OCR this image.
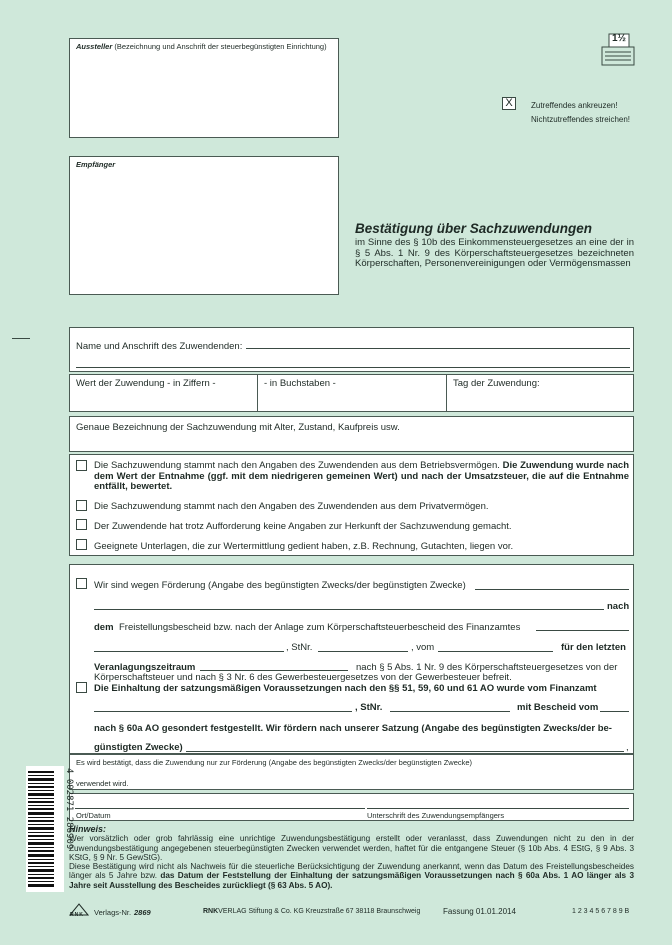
Aussteller (Bezeichnung und Anschrift der steuerbegünstigten Einrichtung)
Empfänger
1½
X	Zutreffendes ankreuzen!
Nichtzutreffendes streichen!
Bestätigung über Sachzuwendungen
im Sinne des § 10b des Einkommensteuergesetzes an eine der in § 5 Abs. 1 Nr. 9 des Körperschaftsteuergesetzes bezeichneten Körperschaften, Personenvereinigungen oder Vermögensmassen
Name und Anschrift des Zuwendenden:
Wert der Zuwendung - in Ziffern -	- in Buchstaben -	Tag der Zuwendung:
Genaue Bezeichnung der Sachzuwendung mit Alter, Zustand, Kaufpreis usw.
Die Sachzuwendung stammt nach den Angaben des Zuwendenden aus dem Betriebsvermögen. Die Zuwendung wurde nach dem Wert der Entnahme (ggf. mit dem niedrigeren gemeinen Wert) und nach der Umsatzsteuer, die auf die Entnahme entfällt, bewertet.
Die Sachzuwendung stammt nach den Angaben des Zuwendenden aus dem Privatvermögen.
Der Zuwendende hat trotz Aufforderung keine Angaben zur Herkunft der Sachzuwendung gemacht.
Geeignete Unterlagen, die zur Wertermittlung gedient haben, z.B. Rechnung, Gutachten, liegen vor.
Wir sind wegen Förderung (Angabe des begünstigten Zwecks/der begünstigten Zwecke)
nach
dem Freistellungsbescheid bzw. nach der Anlage zum Körperschaftsteuerbescheid des Finanzamtes
, StNr.	, vom	für den letzten
Veranlagungszeitraum	nach § 5 Abs. 1 Nr. 9 des Körperschaftsteuergesetzes von der
Körperschaftsteuer und nach § 3 Nr. 6 des Gewerbesteuergesetzes von der Gewerbesteuer befreit.
Die Einhaltung der satzungsmäßigen Voraussetzungen nach den §§ 51, 59, 60 und 61 AO wurde vom Finanzamt
, StNr.	mit Bescheid vom
nach § 60a AO gesondert festgestellt. Wir fördern nach unserer Satzung (Angabe des begünstigten Zwecks/der be-
günstigten Zwecke)	,
Es wird bestätigt, dass die Zuwendung nur zur Förderung (Angabe des begünstigten Zwecks/der begünstigten Zwecke)
verwendet wird.
Ort/Datum	Unterschrift des Zuwendungsempfängers
Hinweis:
Wer vorsätzlich oder grob fahrlässig eine unrichtige Zuwendungsbestätigung erstellt oder veranlasst, dass Zuwendungen nicht zu den in der Zuwendungsbestätigung angegebenen steuerbegünstigten Zwecken verwendet werden, haftet für die entgangene Steuer (§ 10b Abs. 4 EStG, § 9 Abs. 3 KStG, § 9 Nr. 5 GewStG).
Diese Bestätigung wird nicht als Nachweis für die steuerliche Berücksichtigung der Zuwendung anerkannt, wenn das Datum des Freistellungsbescheides länger als 5 Jahre bzw. das Datum der Feststellung der Einhaltung der satzungsmäßigen Voraussetzungen nach § 60a Abs. 1 AO länger als 3 Jahre seit Ausstellung des Bescheides zurückliegt (§ 63 Abs. 5 AO).
4 002871 286909
RNK Verlags-Nr. 2869	RNKVERLAG Stiftung & Co. KG Kreuzstraße 67 38118 Braunschweig	Fassung 01.01.2014	1 2 3 4 5 6 7 8 9 B
